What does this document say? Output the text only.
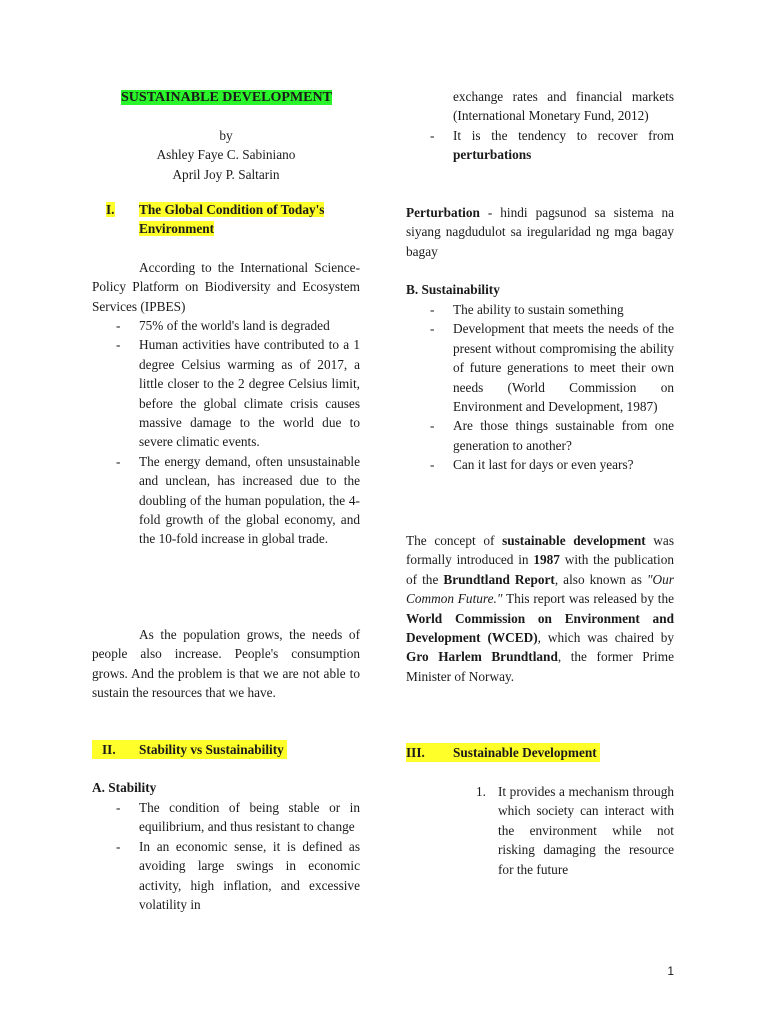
SUSTAINABLE DEVELOPMENT
by
Ashley Faye C. Sabiniano
April Joy P. Saltarin
I. The Global Condition of Today's Environment

According to the International Science-Policy Platform on Biodiversity and Ecosystem Services (IPBES)

- 75% of the world's land is degraded
- Human activities have contributed to a 1 degree Celsius warming as of 2017, a little closer to the 2 degree Celsius limit, before the global climate crisis causes massive damage to the world due to severe climatic events.
- The energy demand, often unsustainable and unclean, has increased due to the doubling of the human population, the 4-fold growth of the global economy, and the 10-fold increase in global trade.

As the population grows, the needs of people also increase. People's consumption grows. And the problem is that we are not able to sustain the resources that we have.

II. Stability vs Sustainability
A. Stability
- The condition of being stable or in equilibrium, and thus resistant to change
- In an economic sense, it is defined as avoiding large swings in economic activity, high inflation, and excessive volatility in
exchange rates and financial markets (International Monetary Fund, 2012)
- It is the tendency to recover from perturbations

Perturbation - hindi pagsunod sa sistema na siyang nagdudulot sa iregularidad ng mga bagay bagay

B. Sustainability
- The ability to sustain something
- Development that meets the needs of the present without compromising the ability of future generations to meet their own needs (World Commission on Environment and Development, 1987)
- Are those things sustainable from one generation to another?
- Can it last for days or even years?

The concept of sustainable development was formally introduced in 1987 with the publication of the Brundtland Report, also known as "Our Common Future." This report was released by the World Commission on Environment and Development (WCED), which was chaired by Gro Harlem Brundtland, the former Prime Minister of Norway.

III. Sustainable Development
1. It provides a mechanism through which society can interact with the environment while not risking damaging the resource for the future
1
